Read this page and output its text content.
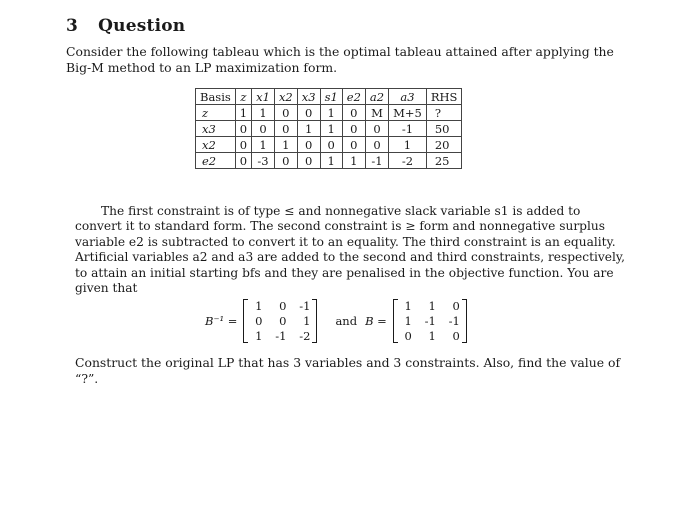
3 Question
Consider the following tableau which is the optimal tableau attained after applying the Big-M method to an LP maximization form.
Basis	z	x1	x2	x3	s1	e2	a2	a3	RHS
z	1	1	0	0	1	0	M	M+5	?
x3	0	0	0	1	1	0	0	-1	50
x2	0	1	1	0	0	0	0	1	20
e2	0	-3	0	0	1	1	-1	-2	25
The first constraint is of type ≤ and nonnegative slack variable s1 is added to convert it to standard form. The second constraint is ≥ form and nonnegative surplus variable e2 is subtracted to convert it to an equality. The third constraint is an equality. Artificial variables a2 and a3 are added to the second and third constraints, respectively, to attain an initial starting bfs and they are penalised in the objective function. You are given that
B⁻¹ =
1	0 -1
0	0	1
1 -1 -2
and B =
1	1	0
1 -1 -1
0	1	0
Construct the original LP that has 3 variables and 3 constraints. Also, find the value of “?”.
